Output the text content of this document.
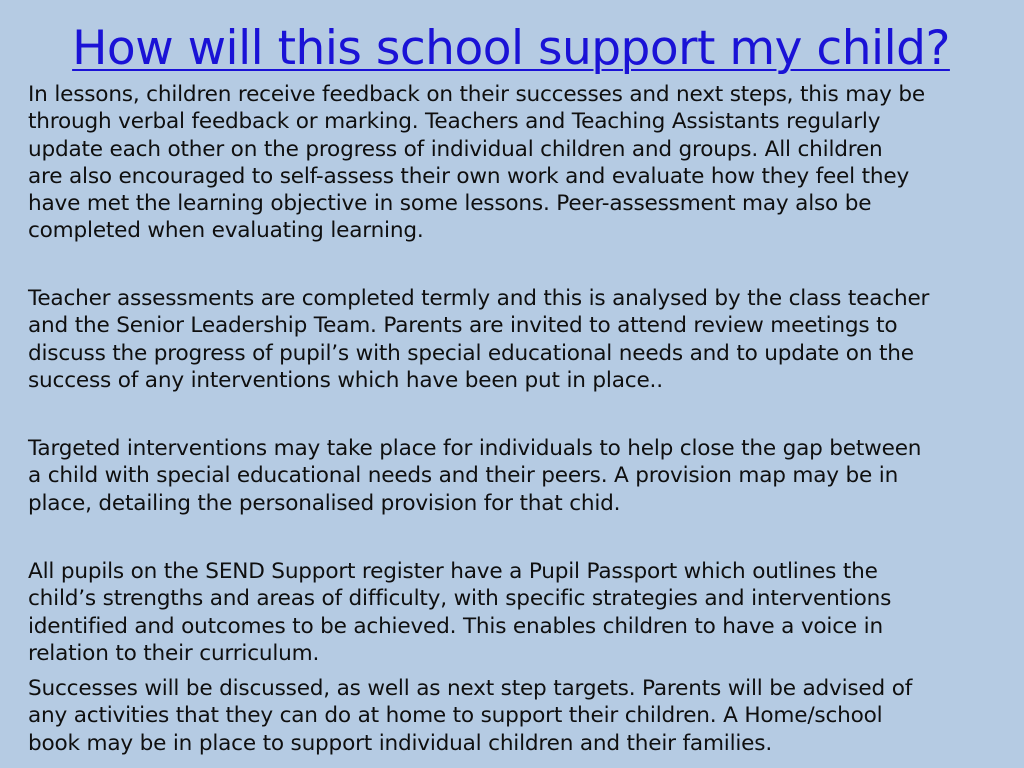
How will this school support my child?

In lessons, children receive feedback on their successes and next steps, this may be
through verbal feedback or marking. Teachers and Teaching Assistants regularly
update each other on the progress of individual children and groups. All children
are also encouraged to self-assess their own work and evaluate how they feel they
have met the learning objective in some lessons. Peer-assessment may also be
completed when evaluating learning.

Teacher assessments are completed termly and this is analysed by the class teacher
and the Senior Leadership Team. Parents are invited to attend review meetings to
discuss the progress of pupil’s with special educational needs and to update on the
success of any interventions which have been put in place..

Targeted interventions may take place for individuals to help close the gap between
a child with special educational needs and their peers. A provision map may be in
place, detailing the personalised provision for that chid.

All pupils on the SEND Support register have a Pupil Passport which outlines the
child’s strengths and areas of difficulty, with specific strategies and interventions
identified and outcomes to be achieved. This enables children to have a voice in
relation to their curriculum.

Successes will be discussed, as well as next step targets. Parents will be advised of
any activities that they can do at home to support their children. A Home/school
book may be in place to support individual children and their families.
